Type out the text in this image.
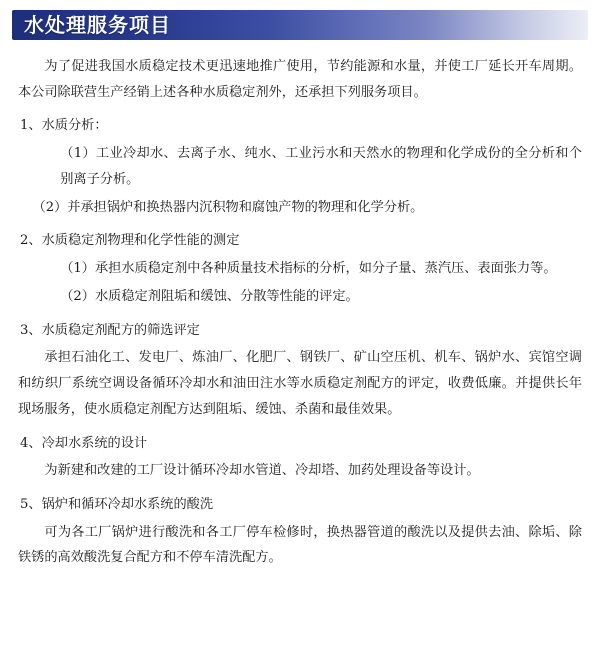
水处理服务项目

为了促进我国水质稳定技术更迅速地推广使用，节约能源和水量，并使工厂延长开车周期。本公司除联营生产经销上述各种水质稳定剂外，还承担下列服务项目。

1、水质分析：

（1）工业冷却水、去离子水、纯水、工业污水和天然水的物理和化学成份的全分析和个别离子分析。

（2）并承担锅炉和换热器内沉积物和腐蚀产物的物理和化学分析。

2、水质稳定剂物理和化学性能的测定

（1）承担水质稳定剂中各种质量技术指标的分析，如分子量、蒸汽压、表面张力等。

（2）水质稳定剂阻垢和缓蚀、分散等性能的评定。

3、水质稳定剂配方的筛选评定

承担石油化工、发电厂、炼油厂、化肥厂、钢铁厂、矿山空压机、机车、锅炉水、宾馆空调和纺织厂系统空调设备循环冷却水和油田注水等水质稳定剂配方的评定，收费低廉。并提供长年现场服务，使水质稳定剂配方达到阻垢、缓蚀、杀菌和最佳效果。

4、冷却水系统的设计

为新建和改建的工厂设计循环冷却水管道、冷却塔、加药处理设备等设计。

5、锅炉和循环冷却水系统的酸洗

可为各工厂锅炉进行酸洗和各工厂停车检修时，换热器管道的酸洗以及提供去油、除垢、除铁锈的高效酸洗复合配方和不停车清洗配方。
